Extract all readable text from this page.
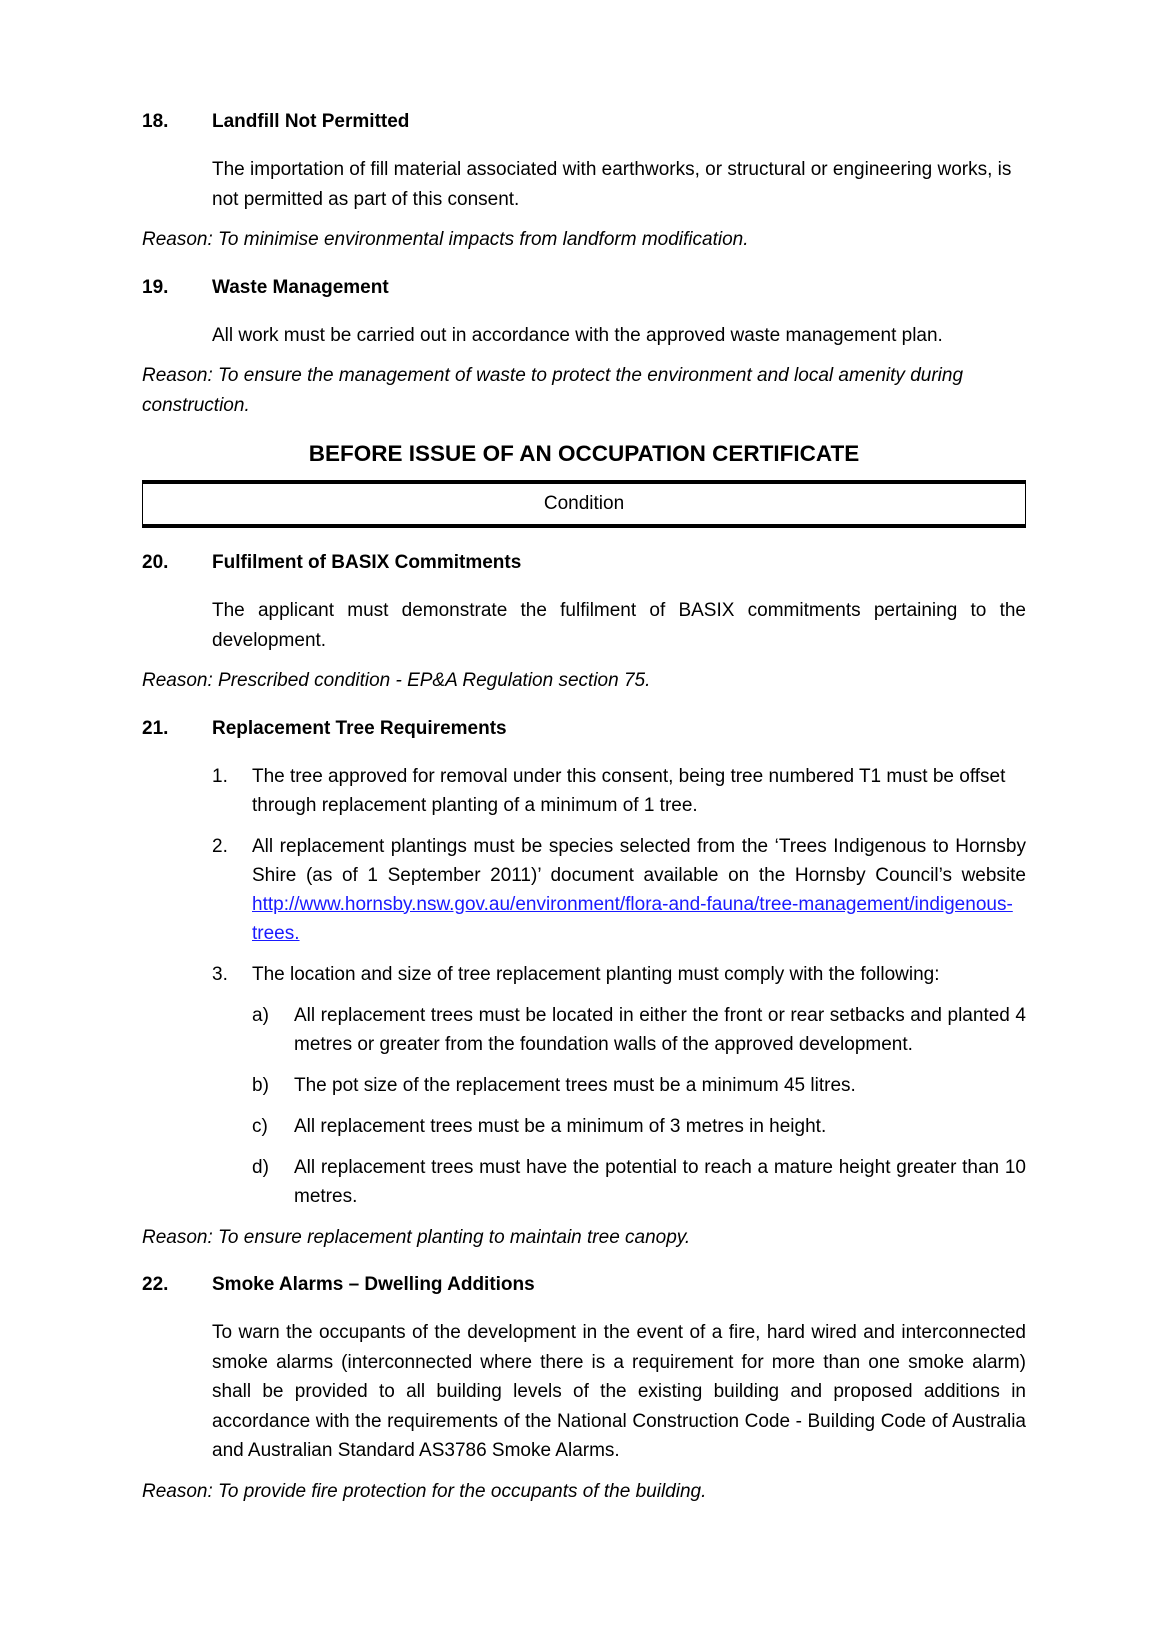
18.	Landfill Not Permitted

The importation of fill material associated with earthworks, or structural or engineering works, is not permitted as part of this consent.

Reason: To minimise environmental impacts from landform modification.

19.	Waste Management

All work must be carried out in accordance with the approved waste management plan.

Reason: To ensure the management of waste to protect the environment and local amenity during construction.

BEFORE ISSUE OF AN OCCUPATION CERTIFICATE
Condition
20.	Fulfilment of BASIX Commitments

The applicant must demonstrate the fulfilment of BASIX commitments pertaining to the development.

Reason: Prescribed condition - EP&A Regulation section 75.

21.	Replacement Tree Requirements
1.	The tree approved for removal under this consent, being tree numbered T1 must be offset through replacement planting of a minimum of 1 tree.
2.	All replacement plantings must be species selected from the ‘Trees Indigenous to Hornsby Shire (as of 1 September 2011)’ document available on the Hornsby Council’s website http://www.hornsby.nsw.gov.au/environment/flora-and-fauna/tree-management/indigenous-trees.
3.	The location and size of tree replacement planting must comply with the following:
a)	All replacement trees must be located in either the front or rear setbacks and planted 4 metres or greater from the foundation walls of the approved development.
b)	The pot size of the replacement trees must be a minimum 45 litres.
c)	All replacement trees must be a minimum of 3 metres in height.
d)	All replacement trees must have the potential to reach a mature height greater than 10 metres.

Reason: To ensure replacement planting to maintain tree canopy.

22.	Smoke Alarms – Dwelling Additions

To warn the occupants of the development in the event of a fire, hard wired and interconnected smoke alarms (interconnected where there is a requirement for more than one smoke alarm) shall be provided to all building levels of the existing building and proposed additions in accordance with the requirements of the National Construction Code - Building Code of Australia and Australian Standard AS3786 Smoke Alarms.

Reason: To provide fire protection for the occupants of the building.
